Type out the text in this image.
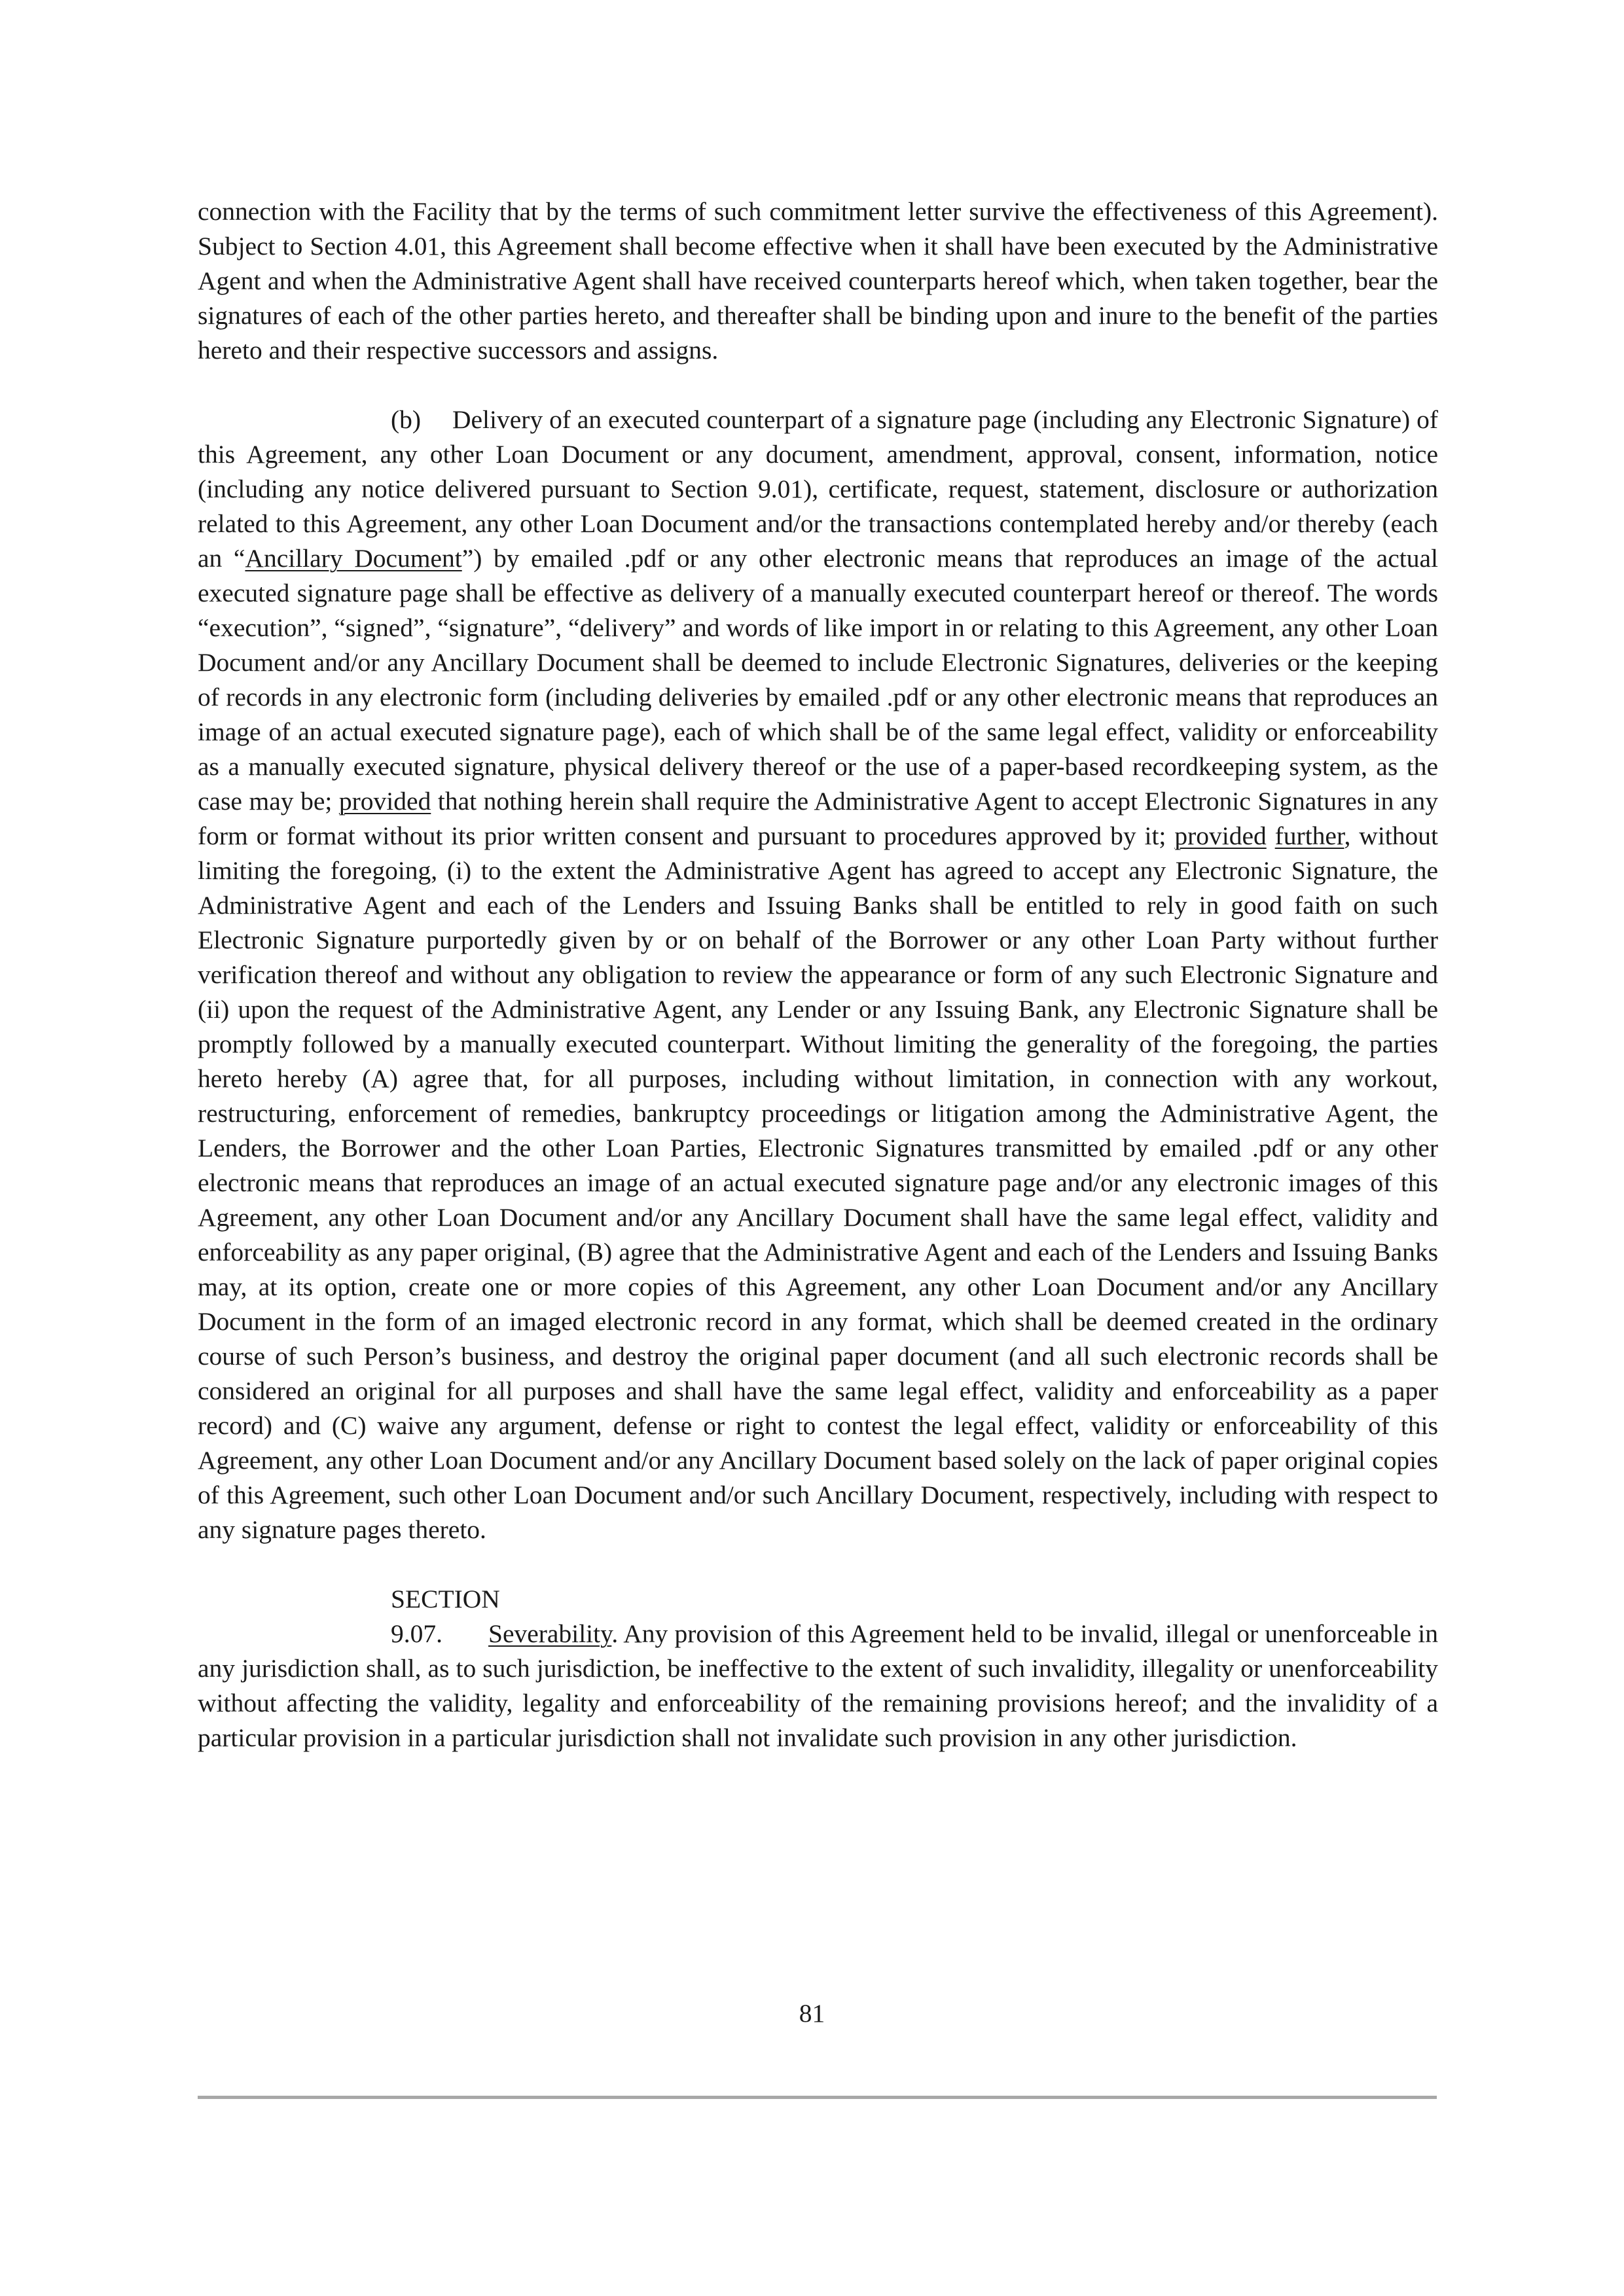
connection with the Facility that by the terms of such commitment letter survive the effectiveness of this Agreement). Subject to Section 4.01, this Agreement shall become effective when it shall have been executed by the Administrative Agent and when the Administrative Agent shall have received counterparts hereof which, when taken together, bear the signatures of each of the other parties hereto, and thereafter shall be binding upon and inure to the benefit of the parties hereto and their respective successors and assigns.

(b) Delivery of an executed counterpart of a signature page (including any Electronic Signature) of this Agreement, any other Loan Document or any document, amendment, approval, consent, information, notice (including any notice delivered pursuant to Section 9.01), certificate, request, statement, disclosure or authorization related to this Agreement, any other Loan Document and/or the transactions contemplated hereby and/or thereby (each an “Ancillary Document”) by emailed .pdf or any other electronic means that reproduces an image of the actual executed signature page shall be effective as delivery of a manually executed counterpart hereof or thereof. The words “execution”, “signed”, “signature”, “delivery” and words of like import in or relating to this Agreement, any other Loan Document and/or any Ancillary Document shall be deemed to include Electronic Signatures, deliveries or the keeping of records in any electronic form (including deliveries by emailed .pdf or any other electronic means that reproduces an image of an actual executed signature page), each of which shall be of the same legal effect, validity or enforceability as a manually executed signature, physical delivery thereof or the use of a paper-based recordkeeping system, as the case may be; provided that nothing herein shall require the Administrative Agent to accept Electronic Signatures in any form or format without its prior written consent and pursuant to procedures approved by it; provided further, without limiting the foregoing, (i) to the extent the Administrative Agent has agreed to accept any Electronic Signature, the Administrative Agent and each of the Lenders and Issuing Banks shall be entitled to rely in good faith on such Electronic Signature purportedly given by or on behalf of the Borrower or any other Loan Party without further verification thereof and without any obligation to review the appearance or form of any such Electronic Signature and (ii) upon the request of the Administrative Agent, any Lender or any Issuing Bank, any Electronic Signature shall be promptly followed by a manually executed counterpart. Without limiting the generality of the foregoing, the parties hereto hereby (A) agree that, for all purposes, including without limitation, in connection with any workout, restructuring, enforcement of remedies, bankruptcy proceedings or litigation among the Administrative Agent, the Lenders, the Borrower and the other Loan Parties, Electronic Signatures transmitted by emailed .pdf or any other electronic means that reproduces an image of an actual executed signature page and/or any electronic images of this Agreement, any other Loan Document and/or any Ancillary Document shall have the same legal effect, validity and enforceability as any paper original, (B) agree that the Administrative Agent and each of the Lenders and Issuing Banks may, at its option, create one or more copies of this Agreement, any other Loan Document and/or any Ancillary Document in the form of an imaged electronic record in any format, which shall be deemed created in the ordinary course of such Person’s business, and destroy the original paper document (and all such electronic records shall be considered an original for all purposes and shall have the same legal effect, validity and enforceability as a paper record) and (C) waive any argument, defense or right to contest the legal effect, validity or enforceability of this Agreement, any other Loan Document and/or any Ancillary Document based solely on the lack of paper original copies of this Agreement, such other Loan Document and/or such Ancillary Document, respectively, including with respect to any signature pages thereto.

SECTION 9.07. Severability. Any provision of this Agreement held to be invalid, illegal or unenforceable in any jurisdiction shall, as to such jurisdiction, be ineffective to the extent of such invalidity, illegality or unenforceability without affecting the validity, legality and enforceability of the remaining provisions hereof; and the invalidity of a particular provision in a particular jurisdiction shall not invalidate such provision in any other jurisdiction.

81
